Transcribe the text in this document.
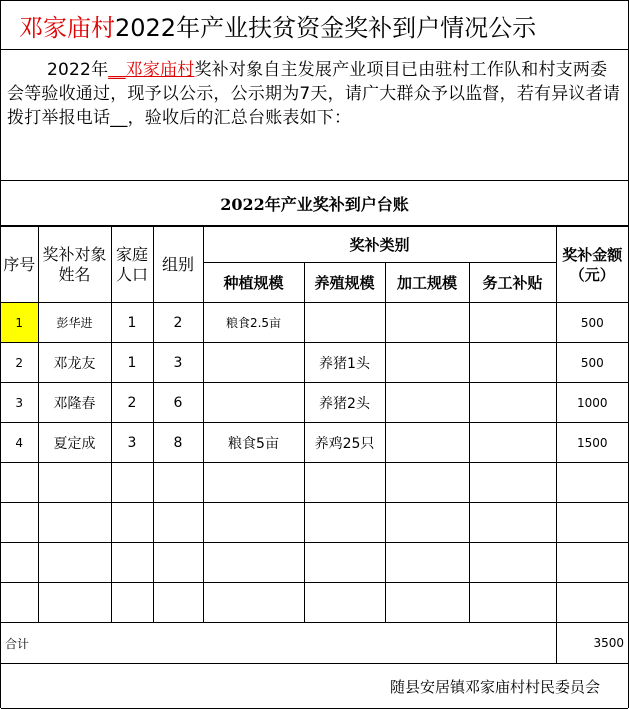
邓家庙村 2022年产业扶贫资金奖补到户情况公示
2022年__邓家庙村奖补对象自主发展产业项目已由驻村工作队和村支两委会等验收通过，现予以公示，公示期为7天，请广大群众予以监督，若有异议者请拨打举报电话__，验收后的汇总台账表如下：
2022年产业奖补到户台账
序号	奖补对象姓名	家庭人口	组别	奖补类别				奖补金额（元）
				种植规模	养殖规模	加工规模	务工补贴	
1	彭华进	1	2	粮食2.5亩				500
2	邓龙友	1	3		养猪1头			500
3	邓隆春	2	6		养猪2头			1000
4	夏定成	3	8	粮食5亩	养鸡25只			1500

合计								3500
随县安居镇邓家庙村村民委员会
